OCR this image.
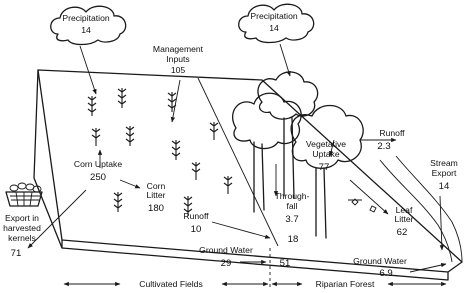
Precipitation
14
Precipitation
14
Management
Inputs
105
Corn Uptake
250
Corn
Litter
180
Export in
harvested
kernels
71
Runoff
10
18
Ground Water
29	51
Vegetative
Uptake
77
Through-
fall
3.7
Runoff
2.3
Stream
Export
14
Leaf
Litter
62
Ground Water
6.9
Cultivated Fields	Riparian Forest
